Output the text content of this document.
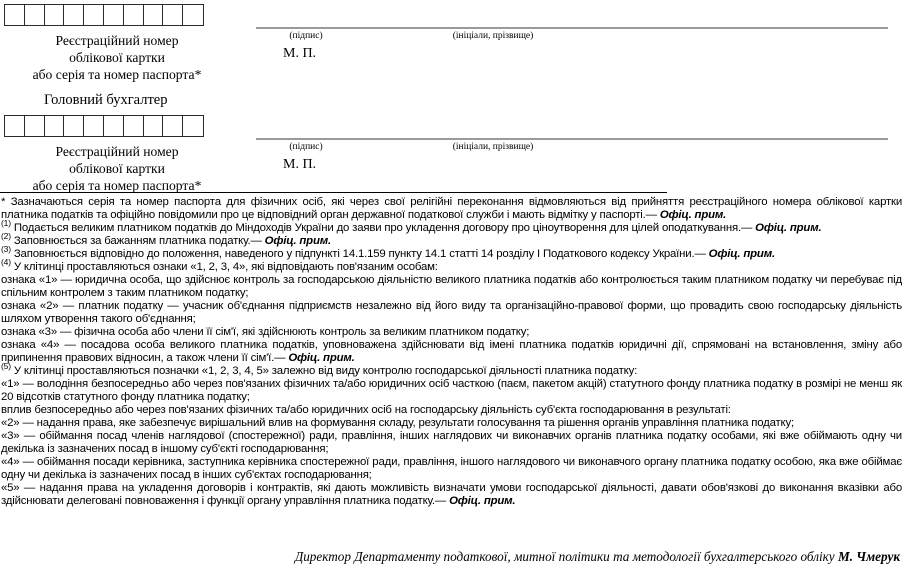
Реєстраційний номер
облікової картки
або серія та номер паспорта*
(підпис)	(ініціали, прізвище)
М. П.
Головний бухгалтер
Реєстраційний номер
облікової картки
або серія та номер паспорта*
(підпис)	(ініціали, прізвище)
М. П.

* Зазначаються серія та номер паспорта для фізичних осіб, які через свої релігійні переконання відмовляються від прийняття реєстраційного номера облікової картки платника податків та офіційно повідомили про це відповідний орган державної податкової служби і мають відмітку у паспорті.— Офіц. прим.

$^{(1)}$ Подається великим платником податків до Міндоходів України до заяви про укладення договору про ціноутворення для цілей оподаткування.— Офіц. прим.

$^{(2)}$ Заповнюється за бажанням платника податку.— Офіц. прим.

$^{(3)}$ Заповнюється відповідно до положення, наведеного у підпункті 14.1.159 пункту 14.1 статті 14 розділу І Податкового кодексу України.— Офіц. прим.

$^{(4)}$ У клітинці проставляються ознаки «1, 2, 3, 4», які відповідають пов'язаним особам:

ознака «1» — юридична особа, що здійснює контроль за господарською діяльністю великого платника податків або контролюється таким платником податку чи перебуває під спільним контролем з таким платником податку;

ознака «2» — платник податку — учасник об'єднання підприємств незалежно від його виду та організаційно-правової форми, що провадить свою господарську діяльність шляхом утворення такого об'єднання;

ознака «3» — фізична особа або члени її сім'ї, які здійснюють контроль за великим платником податку;

ознака «4» — посадова особа великого платника податків, уповноважена здійснювати від імені платника податків юридичні дії, спрямовані на встановлення, зміну або припинення правових відносин, а також члени її сім'ї.— Офіц. прим.

$^{(5)}$ У клітинці проставляються позначки «1, 2, 3, 4, 5» залежно від виду контролю господарської діяльності платника податку:

«1» — володіння безпосередньо або через пов'язаних фізичних та/або юридичних осіб часткою (паєм, пакетом акцій) статутного фонду платника податку в розмірі не менш як 20 відсотків статутного фонду платника податку;

вплив безпосередньо або через пов'язаних фізичних та/або юридичних осіб на господарську діяльність суб'єкта господарювання в результаті:

«2» — надання права, яке забезпечує вирішальний влив на формування складу, результати голосування та рішення органів управління платника податку;

«3» — обіймання посад членів наглядової (спостережної) ради, правління, інших наглядових чи виконавчих органів платника податку особами, які вже обіймають одну чи декілька із зазначених посад в іншому суб'єкті господарювання;

«4» — обіймання посади керівника, заступника керівника спостережної ради, правління, іншого наглядового чи виконавчого органу платника податку особою, яка вже обіймає одну чи декілька із зазначених посад в інших суб'єктах господарювання;

«5» — надання права на укладення договорів і контрактів, які дають можливість визначати умови господарської діяльності, давати обов'язкові до виконання вказівки або здійснювати делеговані повноваження і функції органу управління платника податку.— Офіц. прим.

Директор Департаменту податкової, митної політики та методології бухгалтерського обліку М. Чмерук
